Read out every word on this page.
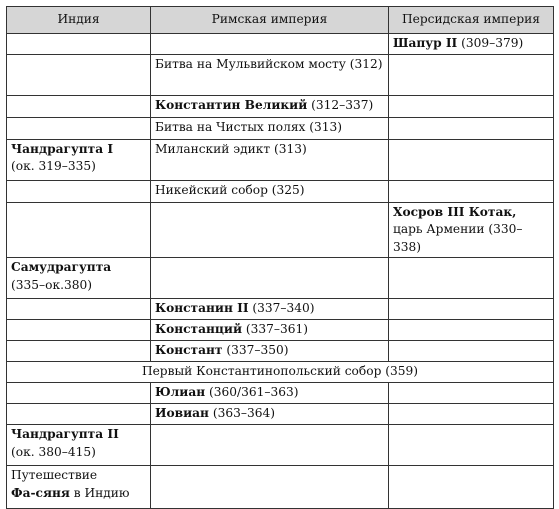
Индия	Римская империя	Персидская империя
		Шапур II (309–379)
	Битва на Мульвийском мосту (312)	
	Константин Великий (312–337)	
	Битва на Чистых полях (313)	
Чандрагупта I
(ок. 319–335)	Миланский эдикт (313)	
	Никейский собор (325)	
		Хосров III Котак, царь Армении (330–338)
Самудрагупта
(335–ок.380)		
	Констанин II (337–340)	
	Констанций (337–361)	
	Констант (337–350)	
Первый Константинопольский собор (359)		
	Юлиан (360/361–363)	
	Иовиан (363–364)	
Чандрагупта II
(ок. 380–415)		
Путешествие
Фа-сяня в Индию		
